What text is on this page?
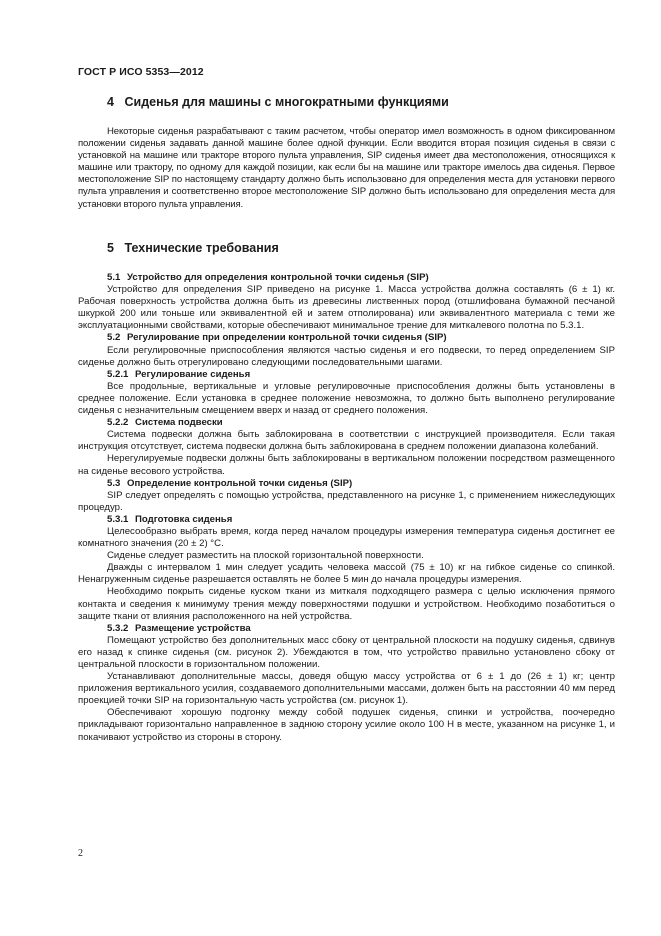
ГОСТ Р ИСО 5353—2012
4 Сиденья для машины с многократными функциями

Некоторые сиденья разрабатывают с таким расчетом, чтобы оператор имел возможность в одном фиксированном положении сиденья задавать данной машине более одной функции. Если вводится вторая позиция сиденья в связи с установкой на машине или тракторе второго пульта управления, SIP сиденья имеет два местоположения, относящихся к машине или трактору, по одному для каждой позиции, как если бы на машине или тракторе имелось два сиденья. Первое местоположение SIP по настоящему стандарту должно быть использовано для определения места для установки первого пульта управления и соответственно второе местоположение SIP должно быть использовано для определения места для установки второго пульта управления.

5 Технические требования

5.1 Устройство для определения контрольной точки сиденья (SIP)

Устройство для определения SIP приведено на рисунке 1. Масса устройства должна составлять (6 ± 1) кг. Рабочая поверхность устройства должна быть из древесины лиственных пород (отшлифована бумажной песчаной шкуркой 200 или тоньше или эквивалентной ей и затем отполирована) или эквивалентного материала с теми же эксплуатационными свойствами, которые обеспечивают минимальное трение для миткалевого полотна по 5.3.1.

5.2 Регулирование при определении контрольной точки сиденья (SIP)

Если регулировочные приспособления являются частью сиденья и его подвески, то перед определением SIP сиденье должно быть отрегулировано следующими последовательными шагами.

5.2.1 Регулирование сиденья

Все продольные, вертикальные и угловые регулировочные приспособления должны быть установлены в среднее положение. Если установка в среднее положение невозможна, то должно быть выполнено регулирование сиденья с незначительным смещением вверх и назад от среднего положения.

5.2.2 Система подвески

Система подвески должна быть заблокирована в соответствии с инструкцией производителя. Если такая инструкция отсутствует, система подвески должна быть заблокирована в среднем положении диапазона колебаний.

Нерегулируемые подвески должны быть заблокированы в вертикальном положении посредством размещенного на сиденье весового устройства.

5.3 Определение контрольной точки сиденья (SIP)

SIP следует определять с помощью устройства, представленного на рисунке 1, с применением нижеследующих процедур.

5.3.1 Подготовка сиденья

Целесообразно выбрать время, когда перед началом процедуры измерения температура сиденья достигнет ее комнатного значения (20 ± 2) °С.

Сиденье следует разместить на плоской горизонтальной поверхности.

Дважды с интервалом 1 мин следует усадить человека массой (75 ± 10) кг на гибкое сиденье со спинкой. Ненагруженным сиденье разрешается оставлять не более 5 мин до начала процедуры измерения.

Необходимо покрыть сиденье куском ткани из миткаля подходящего размера с целью исключения прямого контакта и сведения к минимуму трения между поверхностями подушки и устройством. Необходимо позаботиться о защите ткани от влияния расположенного на ней устройства.

5.3.2 Размещение устройства

Помещают устройство без дополнительных масс сбоку от центральной плоскости на подушку сиденья, сдвинув его назад к спинке сиденья (см. рисунок 2). Убеждаются в том, что устройство правильно установлено сбоку от центральной плоскости в горизонтальном положении.

Устанавливают дополнительные массы, доведя общую массу устройства от 6 ± 1 до (26 ± 1) кг; центр приложения вертикального усилия, создаваемого дополнительными массами, должен быть на расстоянии 40 мм перед проекцией точки SIP на горизонтальную часть устройства (см. рисунок 1).

Обеспечивают хорошую подгонку между собой подушек сиденья, спинки и устройства, поочередно прикладывают горизонтально направленное в заднюю сторону усилие около 100 Н в месте, указанном на рисунке 1, и покачивают устройство из стороны в сторону.

2
